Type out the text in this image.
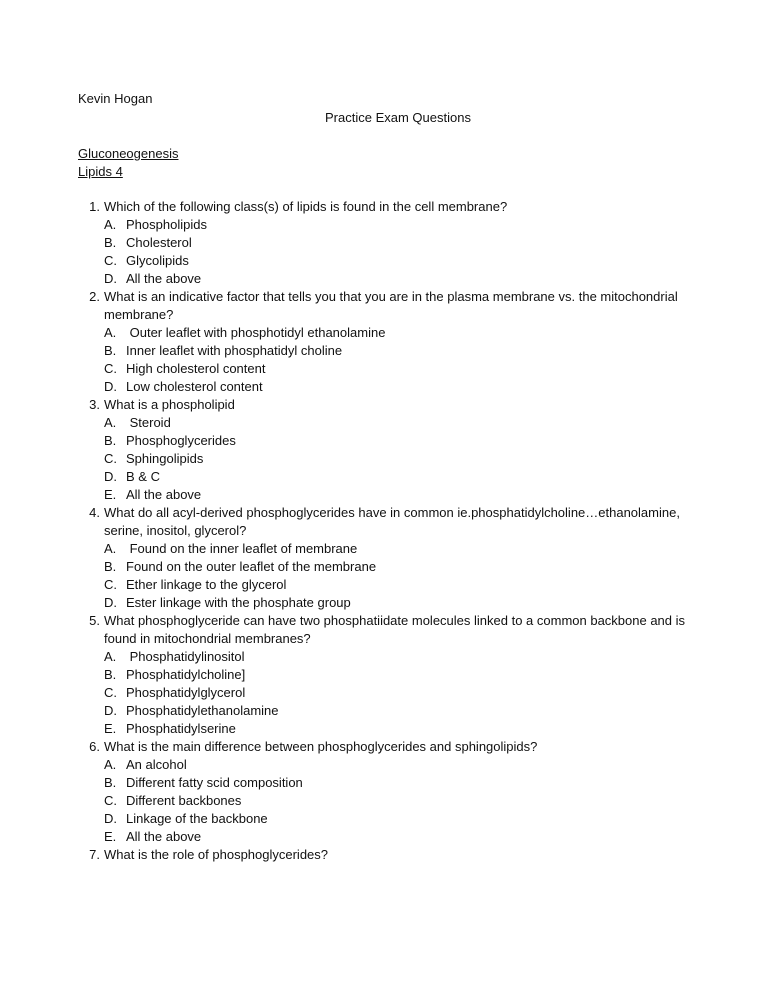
Kevin Hogan
Practice Exam Questions
Gluconeogenesis
Lipids 4
1. Which of the following class(s) of lipids is found in the cell membrane?
A. Phospholipids
B. Cholesterol
C. Glycolipids
D. All the above
2. What is an indicative factor that tells you that you are in the plasma membrane vs. the mitochondrial membrane?
A. Outer leaflet with phosphotidyl ethanolamine
B. Inner leaflet with phosphatidyl choline
C. High cholesterol content
D. Low cholesterol content
3. What is a phospholipid
A. Steroid
B. Phosphoglycerides
C. Sphingolipids
D. B & C
E. All the above
4. What do all acyl-derived phosphoglycerides have in common ie.phosphatidylcholine…ethanolamine, serine, inositol, glycerol?
A. Found on the inner leaflet of membrane
B. Found on the outer leaflet of the membrane
C. Ether linkage to the glycerol
D. Ester linkage with the phosphate group
5. What phosphoglyceride can have two phosphatiidate molecules linked to a common backbone and is found in mitochondrial membranes?
A. Phosphatidylinositol
B. Phosphatidylcholine]
C. Phosphatidylglycerol
D. Phosphatidylethanolamine
E. Phosphatidylserine
6. What is the main difference between phosphoglycerides and sphingolipids?
A. An alcohol
B. Different fatty scid composition
C. Different backbones
D. Linkage of the backbone
E. All the above
7. What is the role of phosphoglycerides?
